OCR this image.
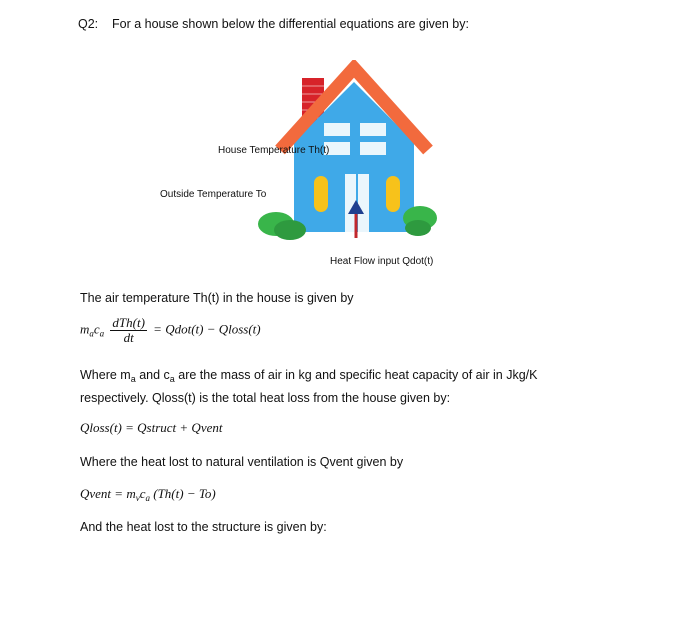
Q2: For a house shown below the differential equations are given by:
House Temperature Th(t)
Outside Temperature To
Heat Flow input Qdot(t)
The air temperature Th(t) in the house is given by
$m_ac_a \frac{\text{dTh(t)}}{dt}$ = Qdot(t) − Qloss(t)
Where $m_a$ and $c_a$ are the mass of air in kg and specific heat capacity of air in Jkg/K
respectively. Qloss(t) is the total heat loss from the house given by:
Qloss(t) = Qstruct + Qvent
Where the heat lost to natural ventilation is Qvent given by
Qvent = $m_vc_a$ (Th(t) − To)
And the heat lost to the structure is given by:
